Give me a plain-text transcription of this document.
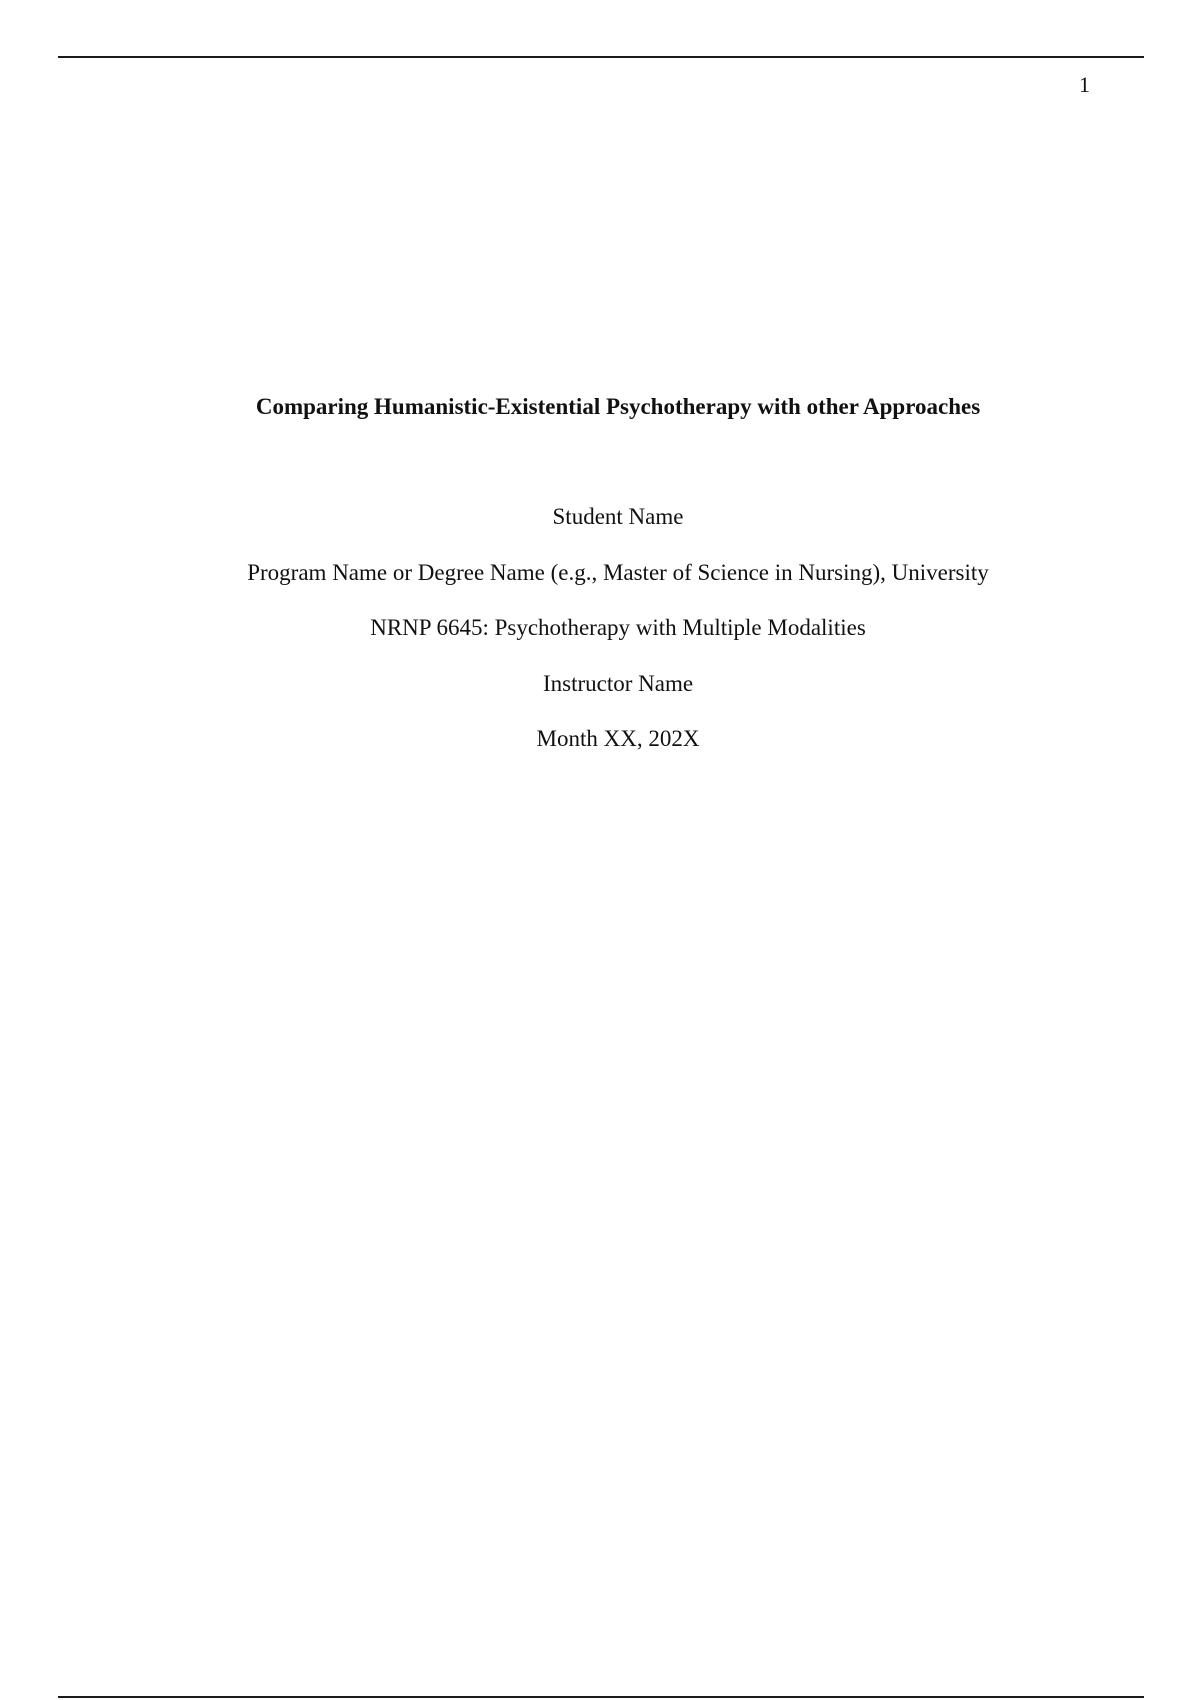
1
Comparing Humanistic-Existential Psychotherapy with other Approaches
Student Name
Program Name or Degree Name (e.g., Master of Science in Nursing), University
NRNP 6645: Psychotherapy with Multiple Modalities
Instructor Name
Month XX, 202X
